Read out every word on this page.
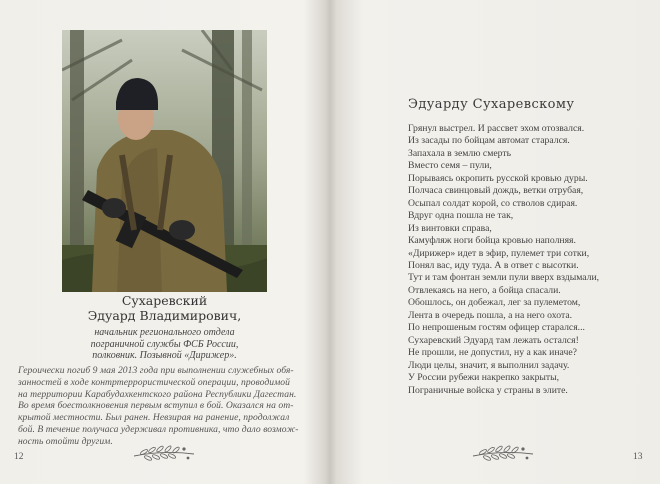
Сухаревский
Эдуард Владимирович,
начальник регионального отдела
пограничной службы ФСБ России,
полковник. Позывной «Дирижер».
Героически погиб 9 мая 2013 года при выполнении служебных обя-
занностей в ходе контртеррористической операции, проводимой
на территории Карабудахкентского района Республики Дагестан.
Во время боестолкновения первым вступил в бой. Оказался на от-
крытой местности. Был ранен. Невзирая на ранение, продолжал
бой. В течение получаса удерживал противника, что дало возмож-
ность отойти другим.
12
Эдуарду Сухаревскому
Грянул выстрел. И рассвет эхом отозвался.
Из засады по бойцам автомат старался.
Запахала в землю смерть
Вместо семя – пули,
Порываясь окропить русской кровью дуры.
Полчаса свинцовый дождь, ветки отрубая,
Осыпал солдат корой, со стволов сдирая.
Вдруг одна пошла не так,
Из винтовки справа,
Камуфляж ноги бойца кровью наполняя.
«Дирижер» идет в эфир, пулемет три сотки,
Понял вас, иду туда. А в ответ с высотки.
Тут и там фонтан земли пули вверх вздымали,
Отвлекаясь на него, а бойца спасали.
Обошлось, он добежал, лег за пулеметом,
Лента в очередь пошла, а на него охота.
По непрошеным гостям офицер старался...
Сухаревский Эдуард там лежать остался!
Не прошли, не допустил, ну а как иначе?
Люди целы, значит, я выполнил задачу.
У России рубежи накрепко закрыты,
Пограничные войска у страны в элите.
13
